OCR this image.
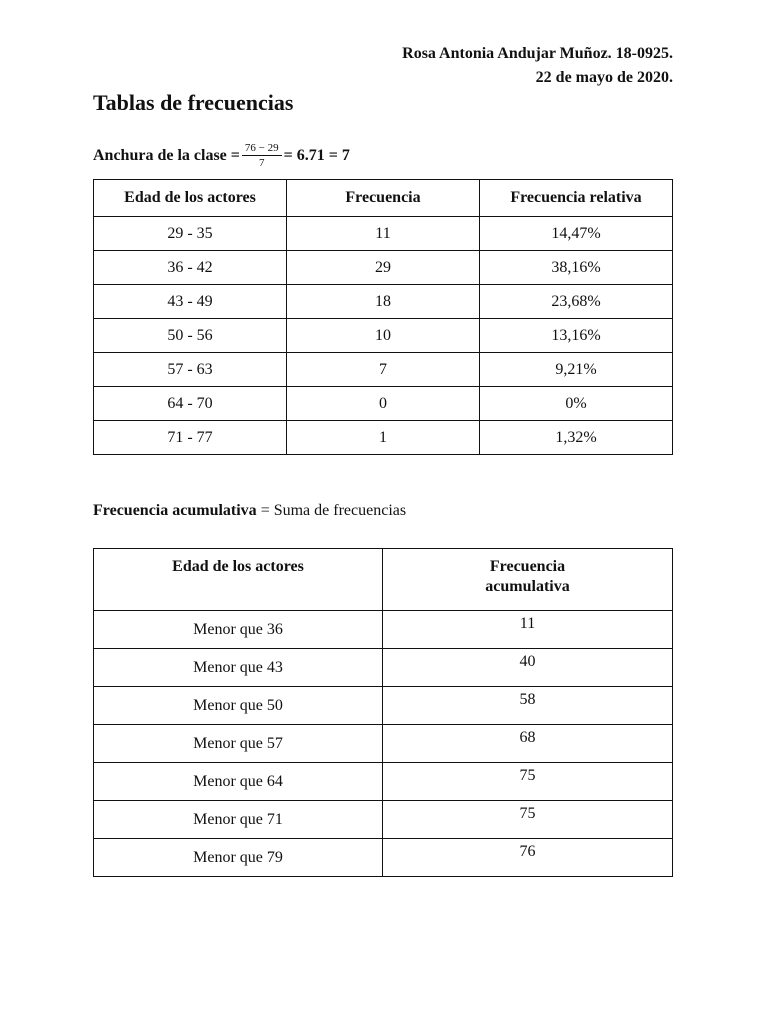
Rosa Antonia Andujar Muñoz. 18-0925.
22 de mayo de 2020.
Tablas de frecuencias
Anchura de la clase = $\frac{76 - 29}{7} = 6.71 = 7$
Edad de los actores	Frecuencia	Frecuencia relativa
29 - 35	11	14,47%
36 - 42	29	38,16%
43 - 49	18	23,68%
50 - 56	10	13,16%
57 - 63	7	9,21%
64 - 70	0	0%
71 - 77	1	1,32%
Frecuencia acumulativa = Suma de frecuencias
Edad de los actores	Frecuencia acumulativa
Menor que 36	11
Menor que 43	40
Menor que 50	58
Menor que 57	68
Menor que 64	75
Menor que 71	75
Menor que 79	76
